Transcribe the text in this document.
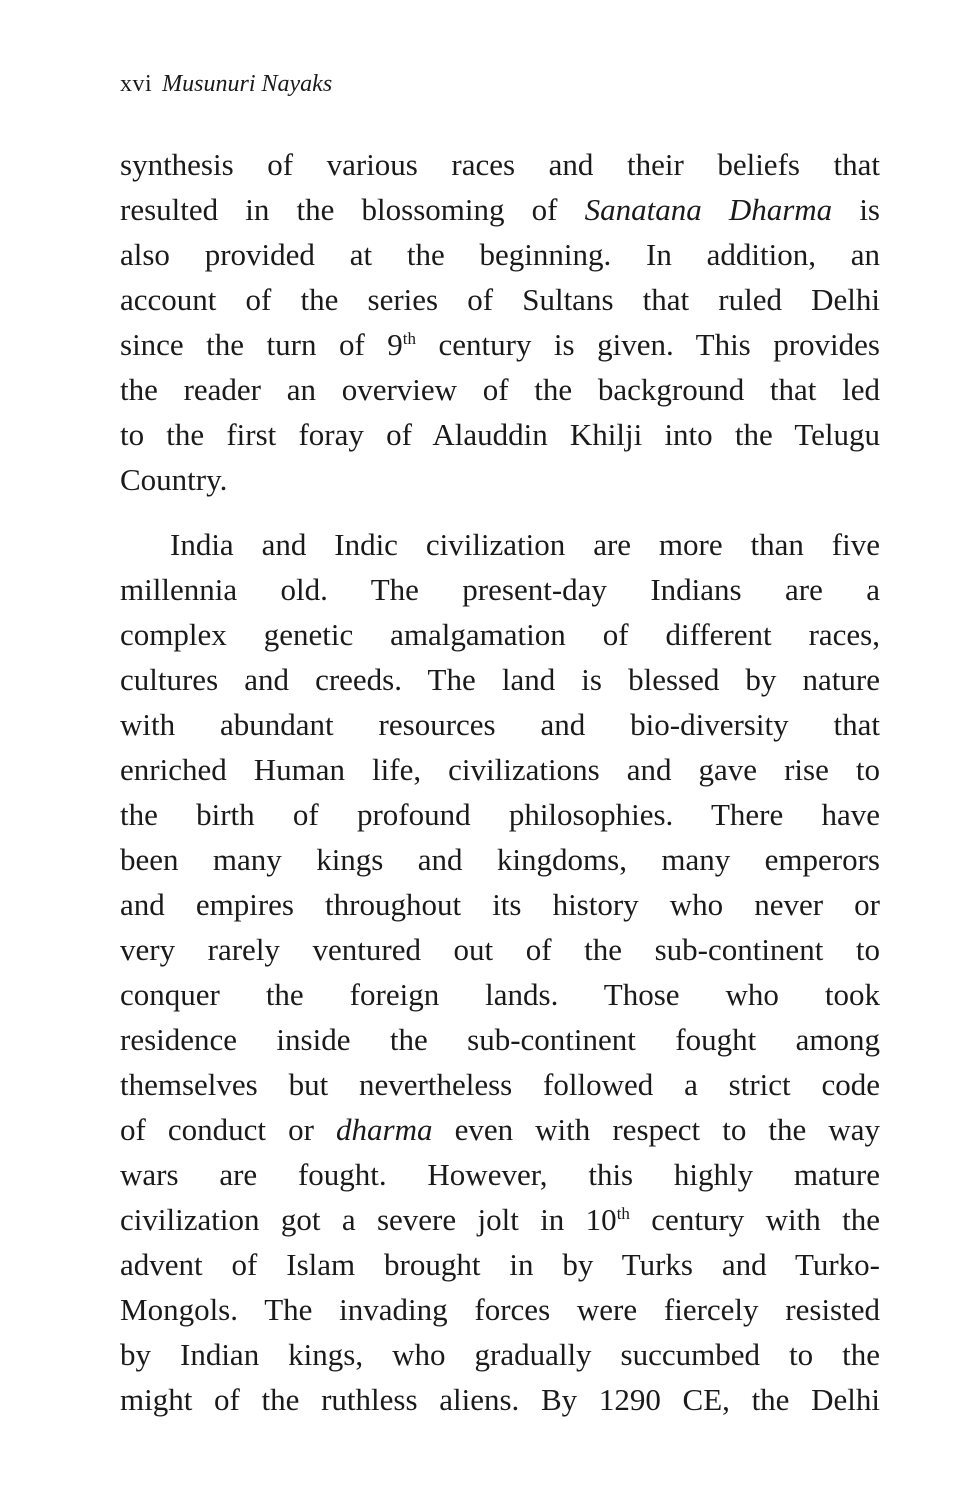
xvi Musunuri Nayaks
synthesis of various races and their beliefs that
resulted in the blossoming of Sanatana Dharma is
also provided at the beginning. In addition, an
account of the series of Sultans that ruled Delhi
since the turn of 9th century is given. This provides
the reader an overview of the background that led
to the first foray of Alauddin Khilji into the Telugu
Country.
India and Indic civilization are more than five
millennia old. The present-day Indians are a
complex genetic amalgamation of different races,
cultures and creeds. The land is blessed by nature
with abundant resources and bio-diversity that
enriched Human life, civilizations and gave rise to
the birth of profound philosophies. There have
been many kings and kingdoms, many emperors
and empires throughout its history who never or
very rarely ventured out of the sub-continent to
conquer the foreign lands. Those who took
residence inside the sub-continent fought among
themselves but nevertheless followed a strict code
of conduct or dharma even with respect to the way
wars are fought. However, this highly mature
civilization got a severe jolt in 10th century with the
advent of Islam brought in by Turks and Turko-
Mongols. The invading forces were fiercely resisted
by Indian kings, who gradually succumbed to the
might of the ruthless aliens. By 1290 CE, the Delhi
